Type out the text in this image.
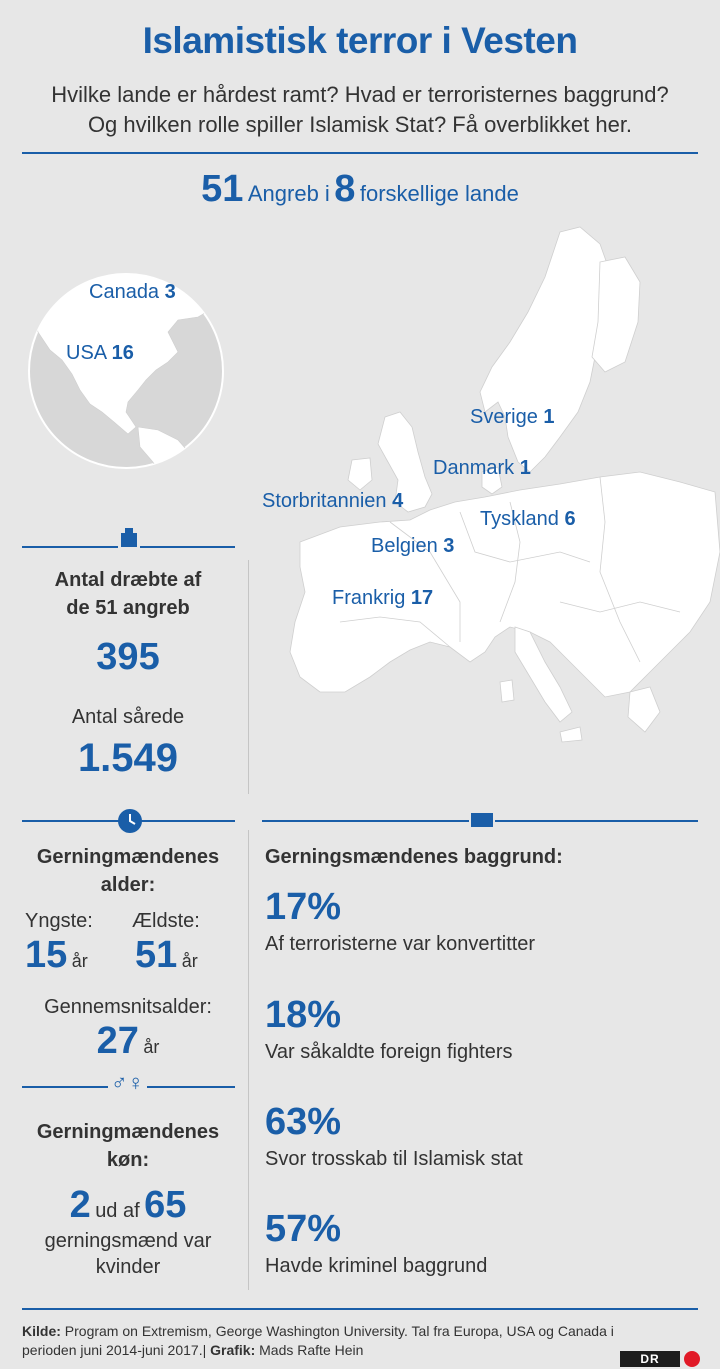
Islamistisk terror i Vesten
Hvilke lande er hårdest ramt? Hvad er terroristernes baggrund?
Og hvilken rolle spiller Islamisk Stat? Få overblikket her.
51 Angreb i 8 forskellige lande
Canada 3
USA 16
Sverige 1
Danmark 1
Storbritannien 4
Tyskland 6
Belgien 3
Frankrig 17
Antal dræbte af
de 51 angreb
395
Antal sårede
1.549
Gerningmændenes
alder:
Yngste: Ældste:
15 år 51 år
Gennemsnitsalder:
27 år
♂♀
Gerningmændenes
køn:
2 ud af 65
gerningsmænd var
kvinder
Gerningsmændenes baggrund:
17%
Af terroristerne var konvertitter
18%
Var såkaldte foreign fighters
63%
Svor trosskab til Islamisk stat
57%
Havde kriminel baggrund
Kilde: Program on Extremism, George Washington University. Tal fra Europa, USA og Canada i
perioden juni 2014-juni 2017.| Grafik: Mads Rafte Hein
DR
